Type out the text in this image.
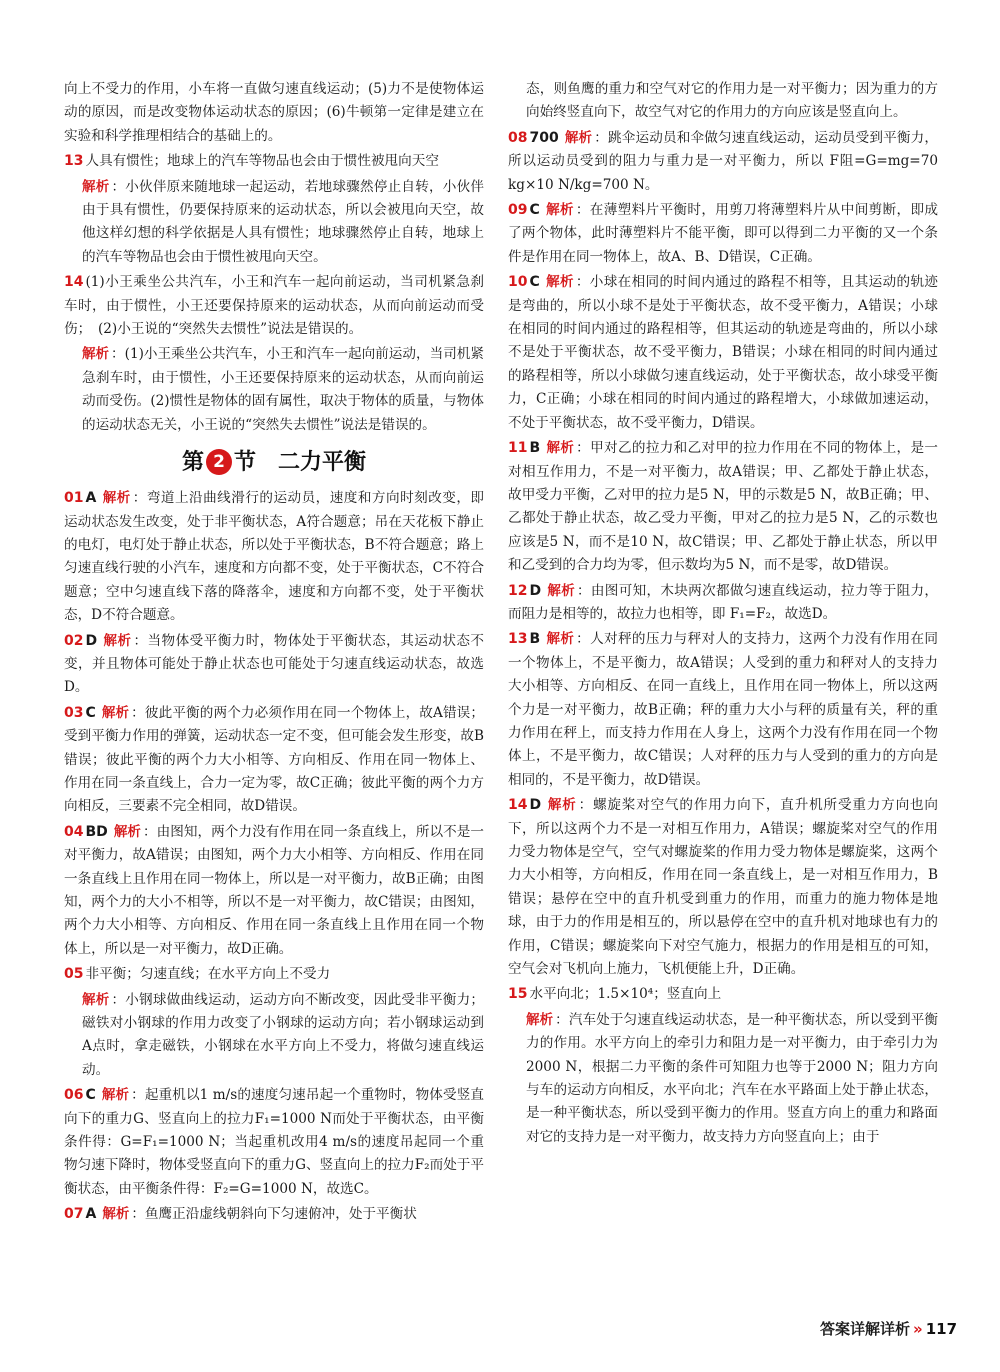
向上不受力的作用，小车将一直做匀速直线运动；(5)力不是使物体运动的原因，而是改变物体运动状态的原因；(6)牛顿第一定律是建立在实验和科学推理相结合的基础上的。
13 人具有惯性；地球上的汽车等物品也会由于惯性被甩向天空
解析 ：小伙伴原来随地球一起运动，若地球骤然停止自转，小伙伴由于具有惯性，仍要保持原来的运动状态，所以会被甩向天空，故他这样幻想的科学依据是人具有惯性；地球骤然停止自转，地球上的汽车等物品也会由于惯性被甩向天空。
14 (1)小王乘坐公共汽车，小王和汽车一起向前运动，当司机紧急刹车时，由于惯性，小王还要保持原来的运动状态，从而向前运动而受伤；　(2)小王说的“突然失去惯性”说法是错误的。
解析 ：(1)小王乘坐公共汽车，小王和汽车一起向前运动，当司机紧急刹车时，由于惯性，小王还要保持原来的运动状态，从而向前运动而受伤。(2)惯性是物体的固有属性，取决于物体的质量，与物体的运动状态无关，小王说的“突然失去惯性”说法是错误的。
第 2 节　二力平衡
01 A 解析 ：弯道上沿曲线滑行的运动员，速度和方向时刻改变，即运动状态发生改变，处于非平衡状态，A符合题意；吊在天花板下静止的电灯，电灯处于静止状态，所以处于平衡状态，B不符合题意；路上匀速直线行驶的小汽车，速度和方向都不变，处于平衡状态，C不符合题意；空中匀速直线下落的降落伞，速度和方向都不变，处于平衡状态，D不符合题意。
02 D 解析 ：当物体受平衡力时，物体处于平衡状态，其运动状态不变，并且物体可能处于静止状态也可能处于匀速直线运动状态，故选D。
03 C 解析 ：彼此平衡的两个力必须作用在同一个物体上，故A错误；受到平衡力作用的弹簧，运动状态一定不变，但可能会发生形变，故B错误；彼此平衡的两个力大小相等、方向相反、作用在同一物体上、作用在同一条直线上，合力一定为零，故C正确；彼此平衡的两个力方向相反，三要素不完全相同，故D错误。
04 BD 解析 ：由图知，两个力没有作用在同一条直线上，所以不是一对平衡力，故A错误；由图知，两个力大小相等、方向相反、作用在同一条直线上且作用在同一物体上，所以是一对平衡力，故B正确；由图知，两个力的大小不相等，所以不是一对平衡力，故C错误；由图知，两个力大小相等、方向相反、作用在同一条直线上且作用在同一个物体上，所以是一对平衡力，故D正确。
05 非平衡；匀速直线；在水平方向上不受力
解析 ：小钢球做曲线运动，运动方向不断改变，因此受非平衡力；磁铁对小钢球的作用力改变了小钢球的运动方向；若小钢球运动到A点时，拿走磁铁，小钢球在水平方向上不受力，将做匀速直线运动。
06 C 解析 ：起重机以1 m/s的速度匀速吊起一个重物时，物体受竖直向下的重力G、竖直向上的拉力F₁=1000 N而处于平衡状态，由平衡条件得：G=F₁=1000 N；当起重机改用4 m/s的速度吊起同一个重物匀速下降时，物体受竖直向下的重力G、竖直向上的拉力F₂而处于平衡状态，由平衡条件得：F₂=G=1000 N，故选C。
07 A 解析 ：鱼鹰正沿虚线朝斜向下匀速俯冲，处于平衡状
态，则鱼鹰的重力和空气对它的作用力是一对平衡力；因为重力的方向始终竖直向下，故空气对它的作用力的方向应该是竖直向上。
08 700 解析 ：跳伞运动员和伞做匀速直线运动，运动员受到平衡力，所以运动员受到的阻力与重力是一对平衡力，所以 F阻=G=mg=70 kg×10 N/kg=700 N。
09 C 解析 ：在薄塑料片平衡时，用剪刀将薄塑料片从中间剪断，即成了两个物体，此时薄塑料片不能平衡，即可以得到二力平衡的又一个条件是作用在同一物体上，故A、B、D错误，C正确。
10 C 解析 ：小球在相同的时间内通过的路程不相等，且其运动的轨迹是弯曲的，所以小球不是处于平衡状态，故不受平衡力，A错误；小球在相同的时间内通过的路程相等，但其运动的轨迹是弯曲的，所以小球不是处于平衡状态，故不受平衡力，B错误；小球在相同的时间内通过的路程相等，所以小球做匀速直线运动，处于平衡状态，故小球受平衡力，C正确；小球在相同的时间内通过的路程增大，小球做加速运动，不处于平衡状态，故不受平衡力，D错误。
11 B 解析 ：甲对乙的拉力和乙对甲的拉力作用在不同的物体上，是一对相互作用力，不是一对平衡力，故A错误；甲、乙都处于静止状态，故甲受力平衡，乙对甲的拉力是5 N，甲的示数是5 N，故B正确；甲、乙都处于静止状态，故乙受力平衡，甲对乙的拉力是5 N，乙的示数也应该是5 N，而不是10 N，故C错误；甲、乙都处于静止状态，所以甲和乙受到的合力均为零，但示数均为5 N，而不是零，故D错误。
12 D 解析 ：由图可知，木块两次都做匀速直线运动，拉力等于阻力，而阻力是相等的，故拉力也相等，即 F₁=F₂，故选D。
13 B 解析 ：人对秤的压力与秤对人的支持力，这两个力没有作用在同一个物体上，不是平衡力，故A错误；人受到的重力和秤对人的支持力大小相等、方向相反、在同一直线上，且作用在同一物体上，所以这两个力是一对平衡力，故B正确；秤的重力大小与秤的质量有关，秤的重力作用在秤上，而支持力作用在人身上，这两个力没有作用在同一个物体上，不是平衡力，故C错误；人对秤的压力与人受到的重力的方向是相同的，不是平衡力，故D错误。
14 D 解析 ：螺旋桨对空气的作用力向下，直升机所受重力方向也向下，所以这两个力不是一对相互作用力，A错误；螺旋桨对空气的作用力受力物体是空气，空气对螺旋桨的作用力受力物体是螺旋桨，这两个力大小相等，方向相反，作用在同一条直线上，是一对相互作用力，B错误；悬停在空中的直升机受到重力的作用，而重力的施力物体是地球，由于力的作用是相互的，所以悬停在空中的直升机对地球也有力的作用，C错误；螺旋桨向下对空气施力，根据力的作用是相互的可知，空气会对飞机向上施力，飞机便能上升，D正确。
15 水平向北；1.5×10⁴；竖直向上
解析 ：汽车处于匀速直线运动状态，是一种平衡状态，所以受到平衡力的作用。水平方向上的牵引力和阻力是一对平衡力，由于牵引力为2000 N，根据二力平衡的条件可知阻力也等于2000 N；阻力方向与车的运动方向相反，水平向北；汽车在水平路面上处于静止状态，是一种平衡状态，所以受到平衡力的作用。竖直方向上的重力和路面对它的支持力是一对平衡力，故支持力方向竖直向上；由于
答案详解详析 » 117
